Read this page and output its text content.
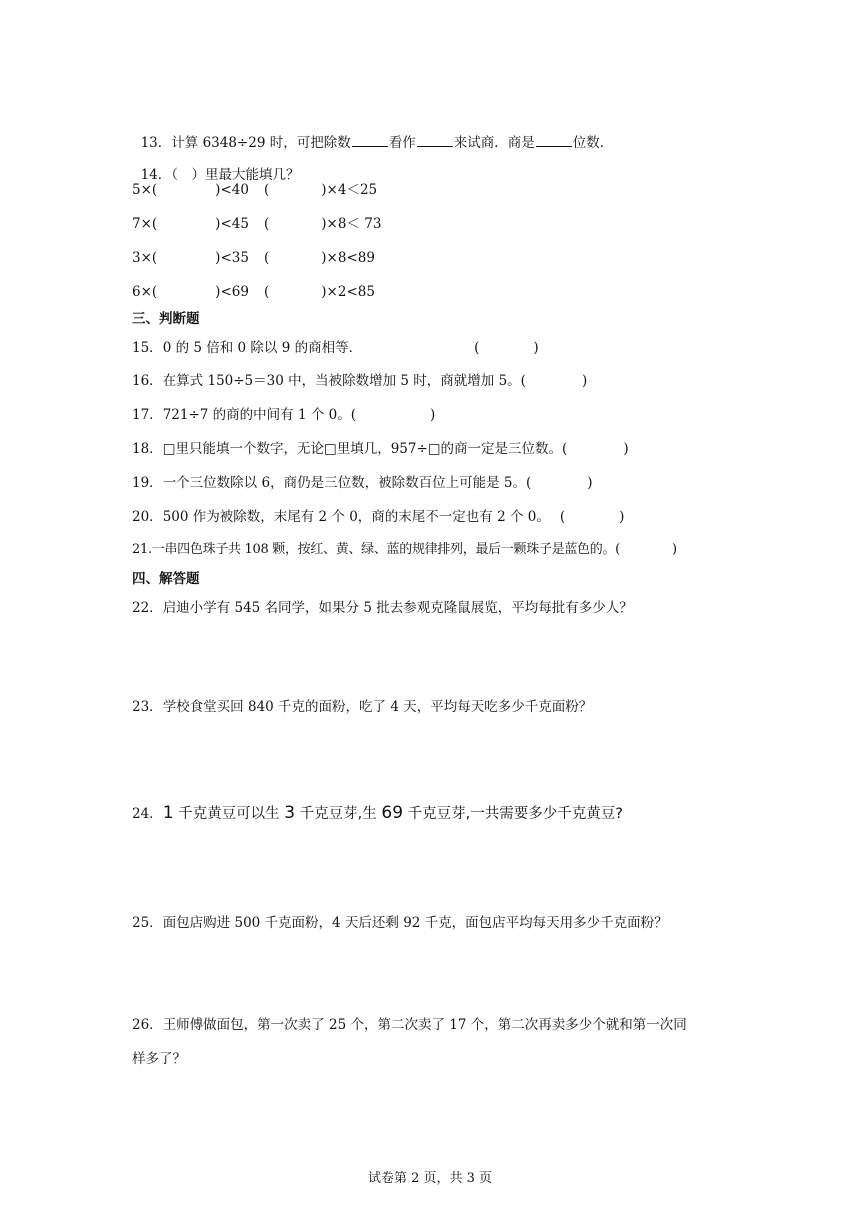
13．计算 6348÷29 时，可把除数	看作	来试商．商是	位数．

14．（　）里最大能填几？

5×(	)<40 (	)×4＜25
7×(	)<45 (	)×8＜ 73
3×(	)<35 (	)×8<89
6×(	)<69 (	)×2<85
三、判断题
15．0 的 5 倍和 0 除以 9 的商相等．	(	)
16．在算式 150÷5＝30 中，当被除数增加 5 时，商就增加 5。(	)
17．721÷7 的商的中间有 1 个 0。(	)
18．□里只能填一个数字，无论□里填几，957÷□的商一定是三位数。(	)
19．一个三位数除以 6，商仍是三位数，被除数百位上可能是 5。(	)
20．500 作为被除数，末尾有 2 个 0，商的末尾不一定也有 2 个 0。 (	)
21.一串四色珠子共 108 颗，按红、黄、绿、蓝的规律排列，最后一颗珠子是蓝色的。(	)
四、解答题
22．启迪小学有 545 名同学，如果分 5 批去参观克隆鼠展览，平均每批有多少人？
23．学校食堂买回 840 千克的面粉，吃了 4 天，平均每天吃多少千克面粉？
24．1 千克黄豆可以生 3 千克豆芽,生 69 千克豆芽,一共需要多少千克黄豆?
25．面包店购进 500 千克面粉，4 天后还剩 92 千克，面包店平均每天用多少千克面粉？
26．王师傅做面包，第一次卖了 25 个，第二次卖了 17 个，第二次再卖多少个就和第一次同
样多了？
试卷第 2 页，共 3 页
